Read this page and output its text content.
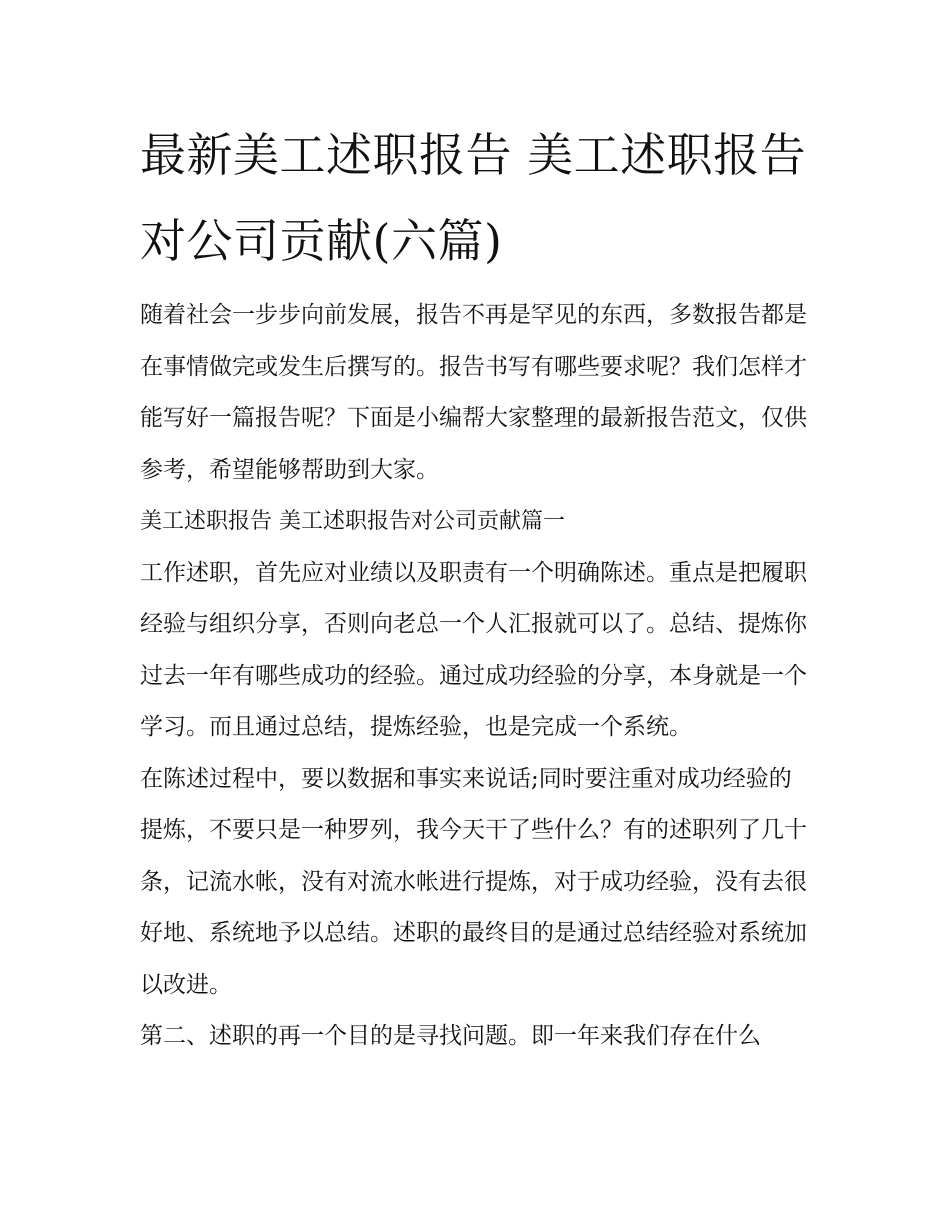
最新美工述职报告 美工述职报告对公司贡献(六篇)

随着社会一步步向前发展，报告不再是罕见的东西，多数报告都是在事情做完或发生后撰写的。报告书写有哪些要求呢？我们怎样才能写好一篇报告呢？下面是小编帮大家整理的最新报告范文，仅供参考，希望能够帮助到大家。

美工述职报告 美工述职报告对公司贡献篇一

工作述职，首先应对业绩以及职责有一个明确陈述。重点是把履职经验与组织分享，否则向老总一个人汇报就可以了。总结、提炼你过去一年有哪些成功的经验。通过成功经验的分享，本身就是一个学习。而且通过总结，提炼经验，也是完成一个系统。

在陈述过程中，要以数据和事实来说话;同时要注重对成功经验的提炼，不要只是一种罗列，我今天干了些什么？有的述职列了几十条，记流水帐，没有对流水帐进行提炼，对于成功经验，没有去很好地、系统地予以总结。述职的最终目的是通过总结经验对系统加以改进。

第二、述职的再一个目的是寻找问题。即一年来我们存在什么
